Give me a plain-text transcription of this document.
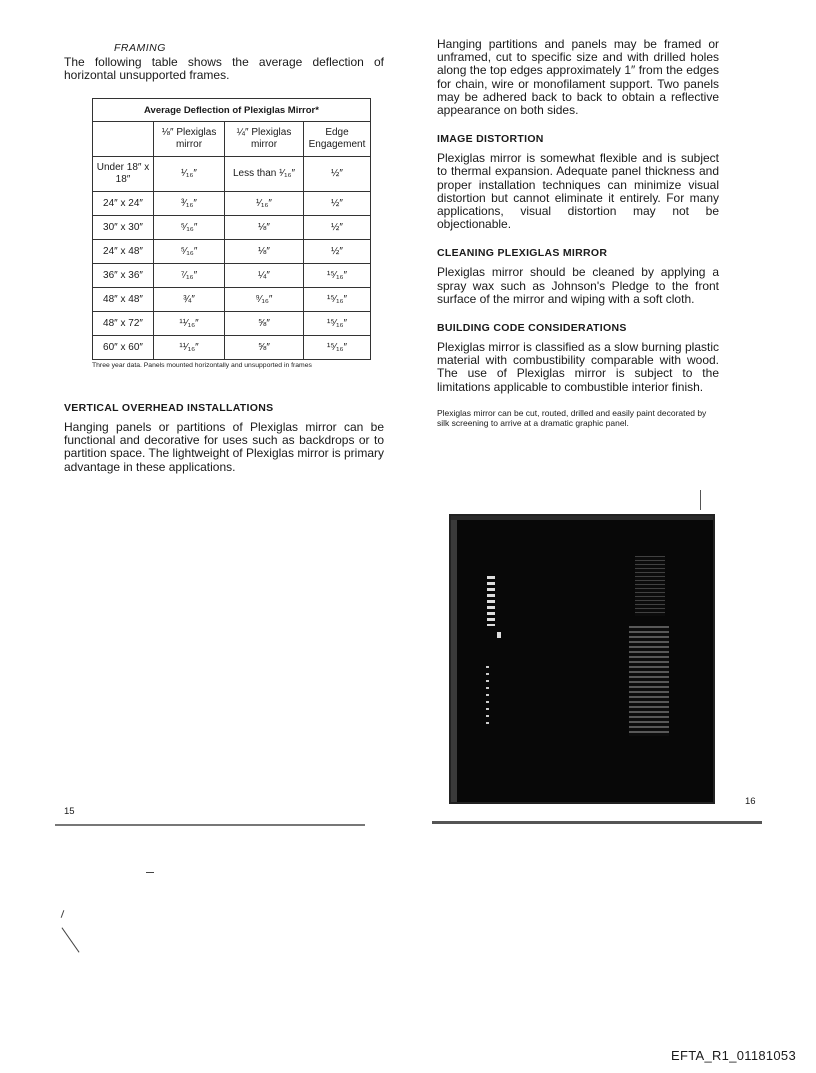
FRAMING

The following table shows the average deflection of horizontal unsupported frames.

Average Deflection of Plexiglas Mirror*			
	⅛″ Plexiglas mirror	¼″ Plexiglas mirror	Edge Engagement
Under 18″ x 18″	¹⁄₁₆″	Less than ¹⁄₁₆″	½″
24″ x 24″	³⁄₁₆″	¹⁄₁₆″	½″
30″ x 30″	⁵⁄₁₆″	⅛″	½″
24″ x 48″	⁵⁄₁₆″	⅛″	½″
36″ x 36″	⁷⁄₁₆″	¼″	¹⁵⁄₁₆″
48″ x 48″	¾″	⁹⁄₁₆″	¹⁵⁄₁₆″
48″ x 72″	¹¹⁄₁₆″	⅝″	¹⁵⁄₁₆″
60″ x 60″	¹¹⁄₁₆″	⅝″	¹⁵⁄₁₆″
Three year data. Panels mounted horizontally and unsupported in frames
VERTICAL OVERHEAD INSTALLATIONS

Hanging panels or partitions of Plexiglas mirror can be functional and decorative for uses such as backdrops or to partition space. The lightweight of Plexiglas mirror is primary advantage in these applications.

15

Hanging partitions and panels may be framed or unframed, cut to specific size and with drilled holes along the top edges approximately 1″ from the edges for chain, wire or monofilament support. Two panels may be adhered back to back to obtain a reflective appearance on both sides.

IMAGE DISTORTION

Plexiglas mirror is somewhat flexible and is subject to thermal expansion. Adequate panel thickness and proper installation techniques can minimize visual distortion but cannot eliminate it entirely. For many applications, visual distortion may not be objectionable.

CLEANING PLEXIGLAS MIRROR

Plexiglas mirror should be cleaned by applying a spray wax such as Johnson's Pledge to the front surface of the mirror and wiping with a soft cloth.

BUILDING CODE CONSIDERATIONS

Plexiglas mirror is classified as a slow burning plastic material with combustibility comparable with wood. The use of Plexiglas mirror is subject to the limitations applicable to combustible interior finish.

Plexiglas mirror can be cut, routed, drilled and easily paint decorated by silk screening to arrive at a dramatic graphic panel.

16
EFTA_R1_01181053
